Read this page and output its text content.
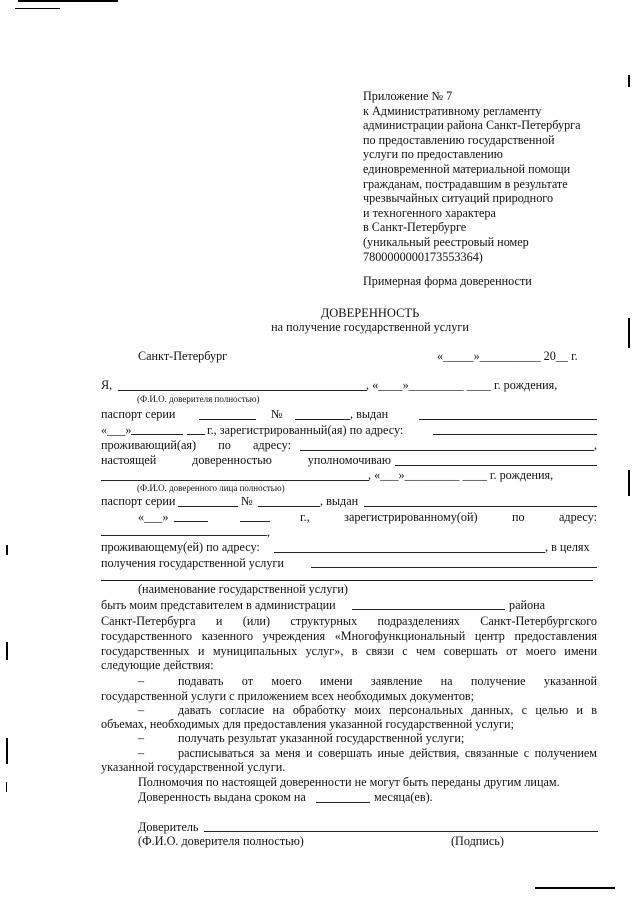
Приложение № 7
к Административному регламенту
администрации района Санкт-Петербурга
по предоставлению государственной
услуги по предоставлению
единовременной материальной помощи
гражданам, пострадавшим в результате
чрезвычайных ситуаций природного
и техногенного характера
в Санкт-Петербурге
(уникальный реестровый номер
7800000000173553364)
Примерная форма доверенности
ДОВЕРЕННОСТЬ
на получение государственной услуги
Санкт-Петербург	«_____»__________ 20__ г.
Я,	, «____»_________ ____ г. рождения,
(Ф.И.О. доверителя полностью)
паспорт серии	№	, выдан
«___»	г., зарегистрированный(ая) по адресу:
проживающий(ая) по адресу:	,
настоящей	доверенностью	уполномочиваю
, «___»_________ ____ г. рождения,
(Ф.И.О. доверенного лица полностью)
паспорт серии	№	, выдан
«___»	г.,	зарегистрированному(ой)	по	адресу:
,
проживающему(ей) по адресу:	, в целях
получения государственной услуги
(наименование государственной услуги)
быть моим представителем в администрации	района
Санкт-Петербурга и (или) структурных подразделениях Санкт-Петербургского
государственного казенного учреждения «Многофункциональный центр предоставления
государственных и муниципальных услуг», в связи с чем совершать от моего имени
следующие действия:
–	подавать от моего имени заявление на получение указанной
государственной услуги с приложением всех необходимых документов;
–	давать согласие на обработку моих персональных данных, с целью и в
объемах, необходимых для предоставления указанной государственной услуги;
–	получать результат указанной государственной услуги;
–	расписываться за меня и совершать иные действия, связанные с получением
указанной государственной услуги.
Полномочия по настоящей доверенности не могут быть переданы другим лицам.
Доверенность выдана сроком на	месяца(ев).
Доверитель
(Ф.И.О. доверителя полностью)	(Подпись)
